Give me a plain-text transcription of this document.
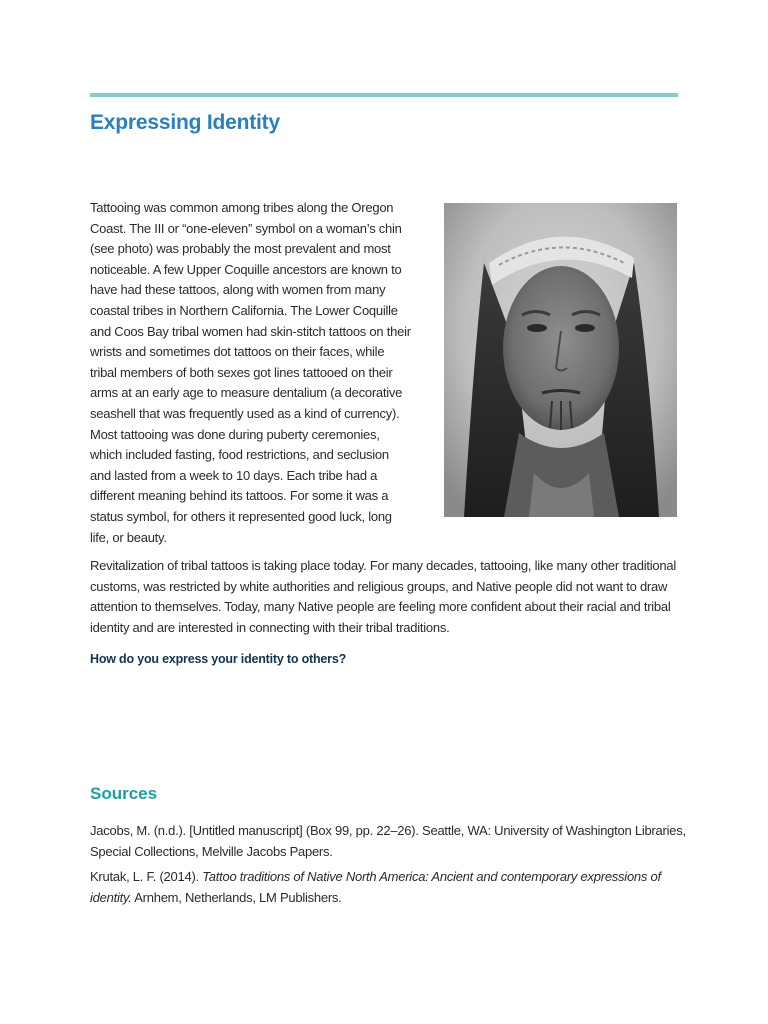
Expressing Identity

Tattooing was common among tribes along the Oregon Coast. The III or “one-eleven” symbol on a woman’s chin (see photo) was probably the most prevalent and most noticeable. A few Upper Coquille ancestors are known to have had these tattoos, along with women from many coastal tribes in Northern California. The Lower Coquille and Coos Bay tribal women had skin-stitch tattoos on their wrists and sometimes dot tattoos on their faces, while tribal members of both sexes got lines tattooed on their arms at an early age to measure dentalium (a decorative seashell that was frequently used as a kind of currency). Most tattooing was done during puberty ceremonies, which included fasting, food restrictions, and seclusion and lasted from a week to 10 days. Each tribe had a different meaning behind its tattoos. For some it was a status symbol, for others it represented good luck, long life, or beauty.

Revitalization of tribal tattoos is taking place today. For many decades, tattooing, like many other traditional customs, was restricted by white authorities and religious groups, and Native people did not want to draw attention to themselves. Today, many Native people are feeling more confident about their racial and tribal identity and are interested in connecting with their tribal traditions.

How do you express your identity to others?

Sources

Jacobs, M. (n.d.). [Untitled manuscript] (Box 99, pp. 22–26). Seattle, WA: University of Washington Libraries, Special Collections, Melville Jacobs Papers.

Krutak, L. F. (2014). Tattoo traditions of Native North America: Ancient and contemporary expressions of identity. Arnhem, Netherlands, LM Publishers.
